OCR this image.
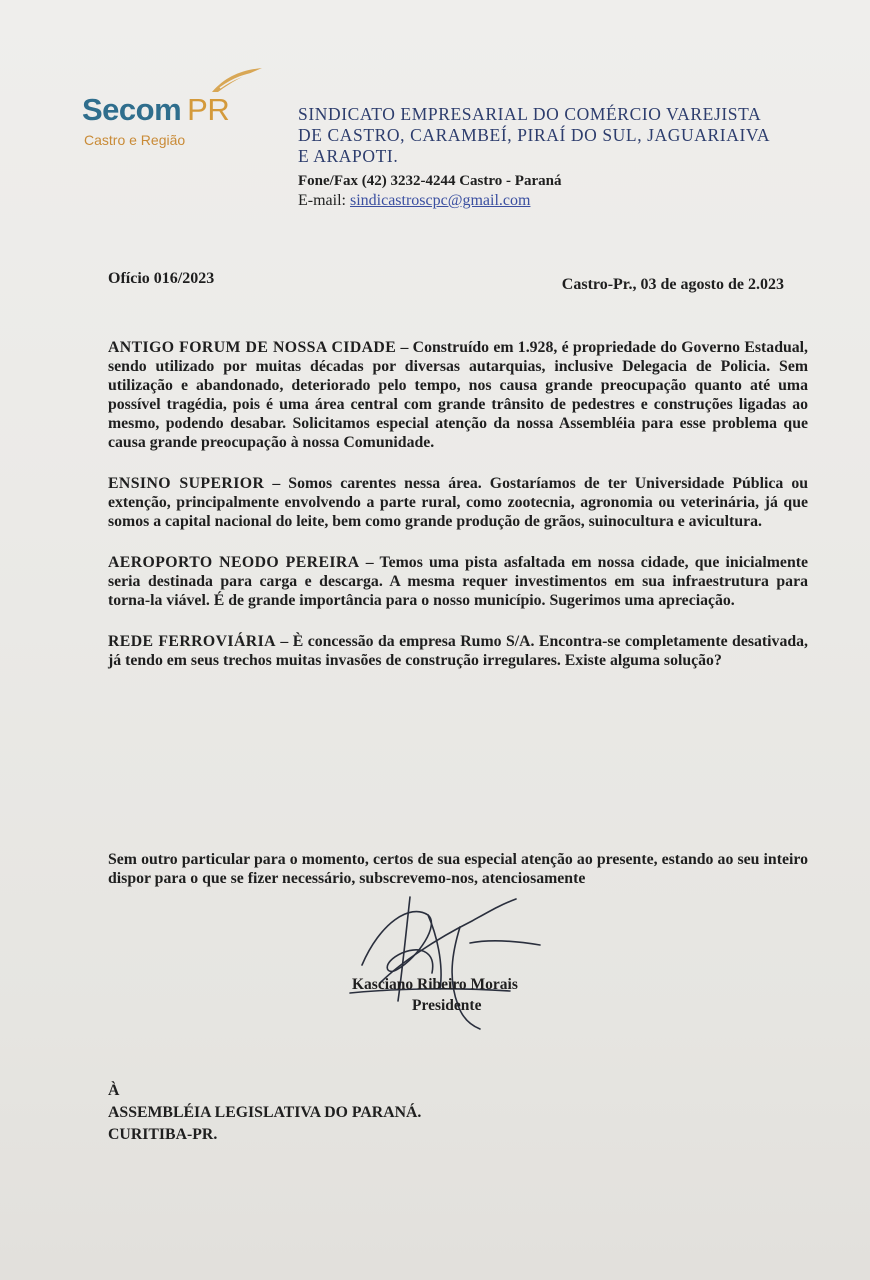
Secom PR
Castro e Região
SINDICATO EMPRESARIAL DO COMÉRCIO VAREJISTA
DE CASTRO, CARAMBEÍ, PIRAÍ DO SUL, JAGUARIAIVA
E ARAPOTI.
Fone/Fax (42) 3232-4244 Castro - Paraná
E-mail: sindicastroscpc@gmail.com
Ofício 016/2023	Castro-Pr., 03 de agosto de 2.023

ANTIGO FORUM DE NOSSA CIDADE – Construído em 1.928, é propriedade do Governo Estadual, sendo utilizado por muitas décadas por diversas autarquias, inclusive Delegacia de Policia. Sem utilização e abandonado, deteriorado pelo tempo, nos causa grande preocupação quanto até uma possível tragédia, pois é uma área central com grande trânsito de pedestres e construções ligadas ao mesmo, podendo desabar. Solicitamos especial atenção da nossa Assembléia para esse problema que causa grande preocupação à nossa Comunidade.

ENSINO SUPERIOR – Somos carentes nessa área. Gostaríamos de ter Universidade Pública ou extenção, principalmente envolvendo a parte rural, como zootecnia, agronomia ou veterinária, já que somos a capital nacional do leite, bem como grande produção de grãos, suinocultura e avicultura.

AEROPORTO NEODO PEREIRA – Temos uma pista asfaltada em nossa cidade, que inicialmente seria destinada para carga e descarga. A mesma requer investimentos em sua infraestrutura para torna-la viável. É de grande importância para o nosso município. Sugerimos uma apreciação.

REDE FERROVIÁRIA – È concessão da empresa Rumo S/A. Encontra-se completamente desativada, já tendo em seus trechos muitas invasões de construção irregulares. Existe alguma solução?

Sem outro particular para o momento, certos de sua especial atenção ao presente, estando ao seu inteiro dispor para o que se fizer necessário, subscrevemo-nos, atenciosamente
Kasciano Ribeiro Morais
Presidente
À
ASSEMBLÉIA LEGISLATIVA DO PARANÁ.
CURITIBA-PR.
